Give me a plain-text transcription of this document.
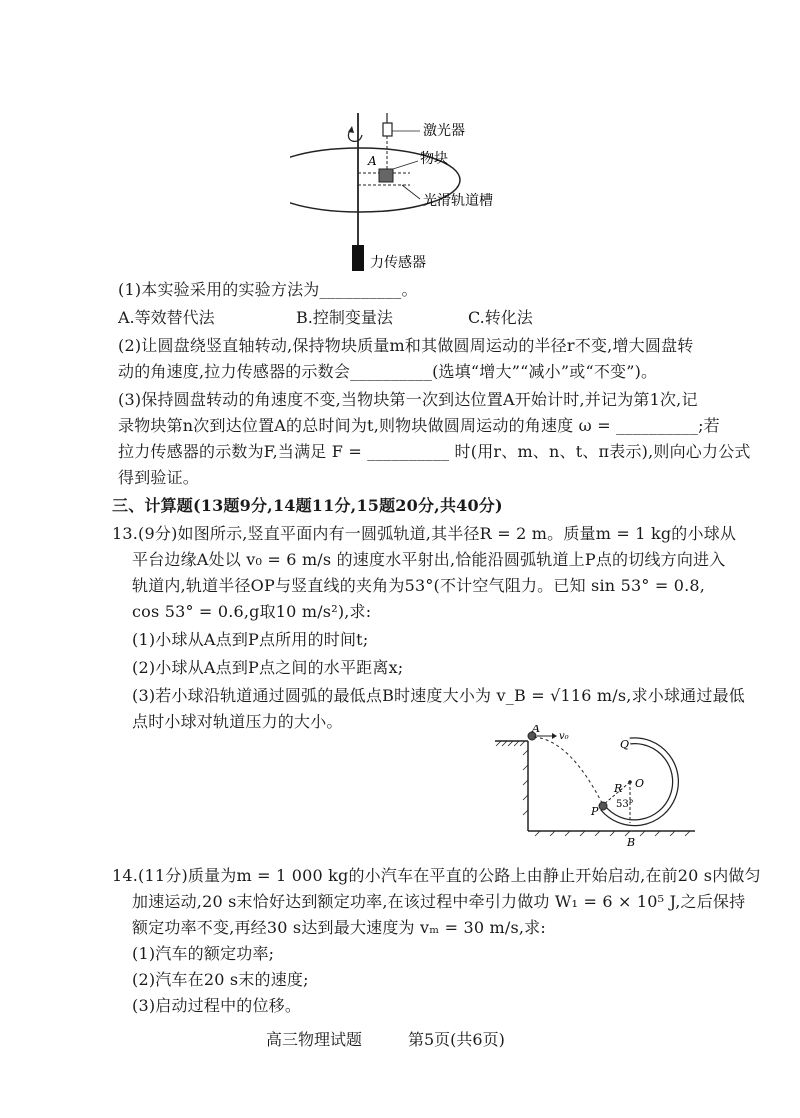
A
激光器
物块
光滑轨道槽
力传感器
(1)本实验采用的实验方法为__________。
A.等效替代法	B.控制变量法	C.转化法
(2)让圆盘绕竖直轴转动,保持物块质量m和其做圆周运动的半径r不变,增大圆盘转
动的角速度,拉力传感器的示数会__________(选填“增大”“减小”或“不变”)。
(3)保持圆盘转动的角速度不变,当物块第一次到达位置A开始计时,并记为第1次,记
录物块第n次到达位置A的总时间为t,则物块做圆周运动的角速度 ω = __________;若
拉力传感器的示数为F,当满足 F = __________ 时(用r、m、n、t、π表示),则向心力公式
得到验证。
三、计算题(13题9分,14题11分,15题20分,共40分)
13.(9分)如图所示,竖直平面内有一圆弧轨道,其半径R = 2 m。质量m = 1 kg的小球从
平台边缘A处以 v₀ = 6 m/s 的速度水平射出,恰能沿圆弧轨道上P点的切线方向进入
轨道内,轨道半径OP与竖直线的夹角为53°(不计空气阻力。已知 sin 53° = 0.8,
cos 53° = 0.6,g取10 m/s²),求:
(1)小球从A点到P点所用的时间t;
(2)小球从A点到P点之间的水平距离x;
(3)若小球沿轨道通过圆弧的最低点B时速度大小为 v_B = √116 m/s,求小球通过最低
点时小球对轨道压力的大小。	A
v₀
Q
R O
53°
P
B
14.(11分)质量为m = 1 000 kg的小汽车在平直的公路上由静止开始启动,在前20 s内做匀
加速运动,20 s末恰好达到额定功率,在该过程中牵引力做功 W₁ = 6 × 10⁵ J,之后保持
额定功率不变,再经30 s达到最大速度为 vₘ = 30 m/s,求:
(1)汽车的额定功率;
(2)汽车在20 s末的速度;
(3)启动过程中的位移。
高三物理试题	第5页(共6页)
